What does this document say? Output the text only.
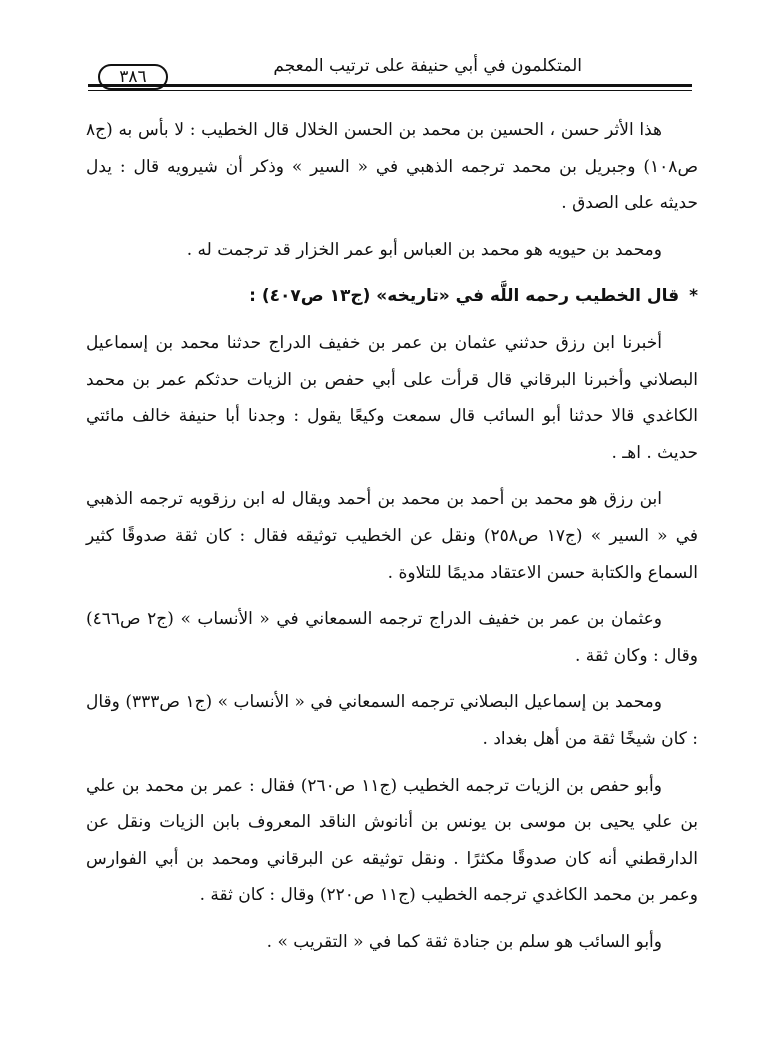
المتكلمون في أبي حنيفة على ترتيب المعجم
٣٨٦

هذا الأثر حسن ، الحسين بن محمد بن الحسن الخلال قال الخطيب : لا بأس به (ج٨ ص١٠٨) وجبريل بن محمد ترجمه الذهبي في « السير » وذكر أن شيرويه قال : يدل حديثه على الصدق .

ومحمد بن حيويه هو محمد بن العباس أبو عمر الخزار قد ترجمت له .

*قال الخطيب رحمه اللَّه في «تاريخه» (ج١٣ ص٤٠٧) :

أخبرنا ابن رزق حدثني عثمان بن عمر بن خفيف الدراج حدثنا محمد بن إسماعيل البصلاني وأخبرنا البرقاني قال قرأت على أبي حفص بن الزيات حدثكم عمر بن محمد الكاغدي قالا حدثنا أبو السائب قال سمعت وكيعًا يقول : وجدنا أبا حنيفة خالف مائتي حديث . اهـ .

ابن رزق هو محمد بن أحمد بن محمد بن أحمد ويقال له ابن رزقويه ترجمه الذهبي في « السير » (ج١٧ ص٢٥٨) ونقل عن الخطيب توثيقه فقال : كان ثقة صدوقًا كثير السماع والكتابة حسن الاعتقاد مديمًا للتلاوة .

وعثمان بن عمر بن خفيف الدراج ترجمه السمعاني في « الأنساب » (ج٢ ص٤٦٦) وقال : وكان ثقة .

ومحمد بن إسماعيل البصلاني ترجمه السمعاني في « الأنساب » (ج١ ص٣٣٣) وقال : كان شيخًا ثقة من أهل بغداد .

وأبو حفص بن الزيات ترجمه الخطيب (ج١١ ص٢٦٠) فقال : عمر بن محمد بن علي بن علي يحيى بن موسى بن يونس بن أنانوش الناقد المعروف بابن الزيات ونقل عن الدارقطني أنه كان صدوقًا مكثرًا . ونقل توثيقه عن البرقاني ومحمد بن أبي الفوارس وعمر بن محمد الكاغدي ترجمه الخطيب (ج١١ ص٢٢٠) وقال : كان ثقة .

وأبو السائب هو سلم بن جنادة ثقة كما في « التقريب » .
